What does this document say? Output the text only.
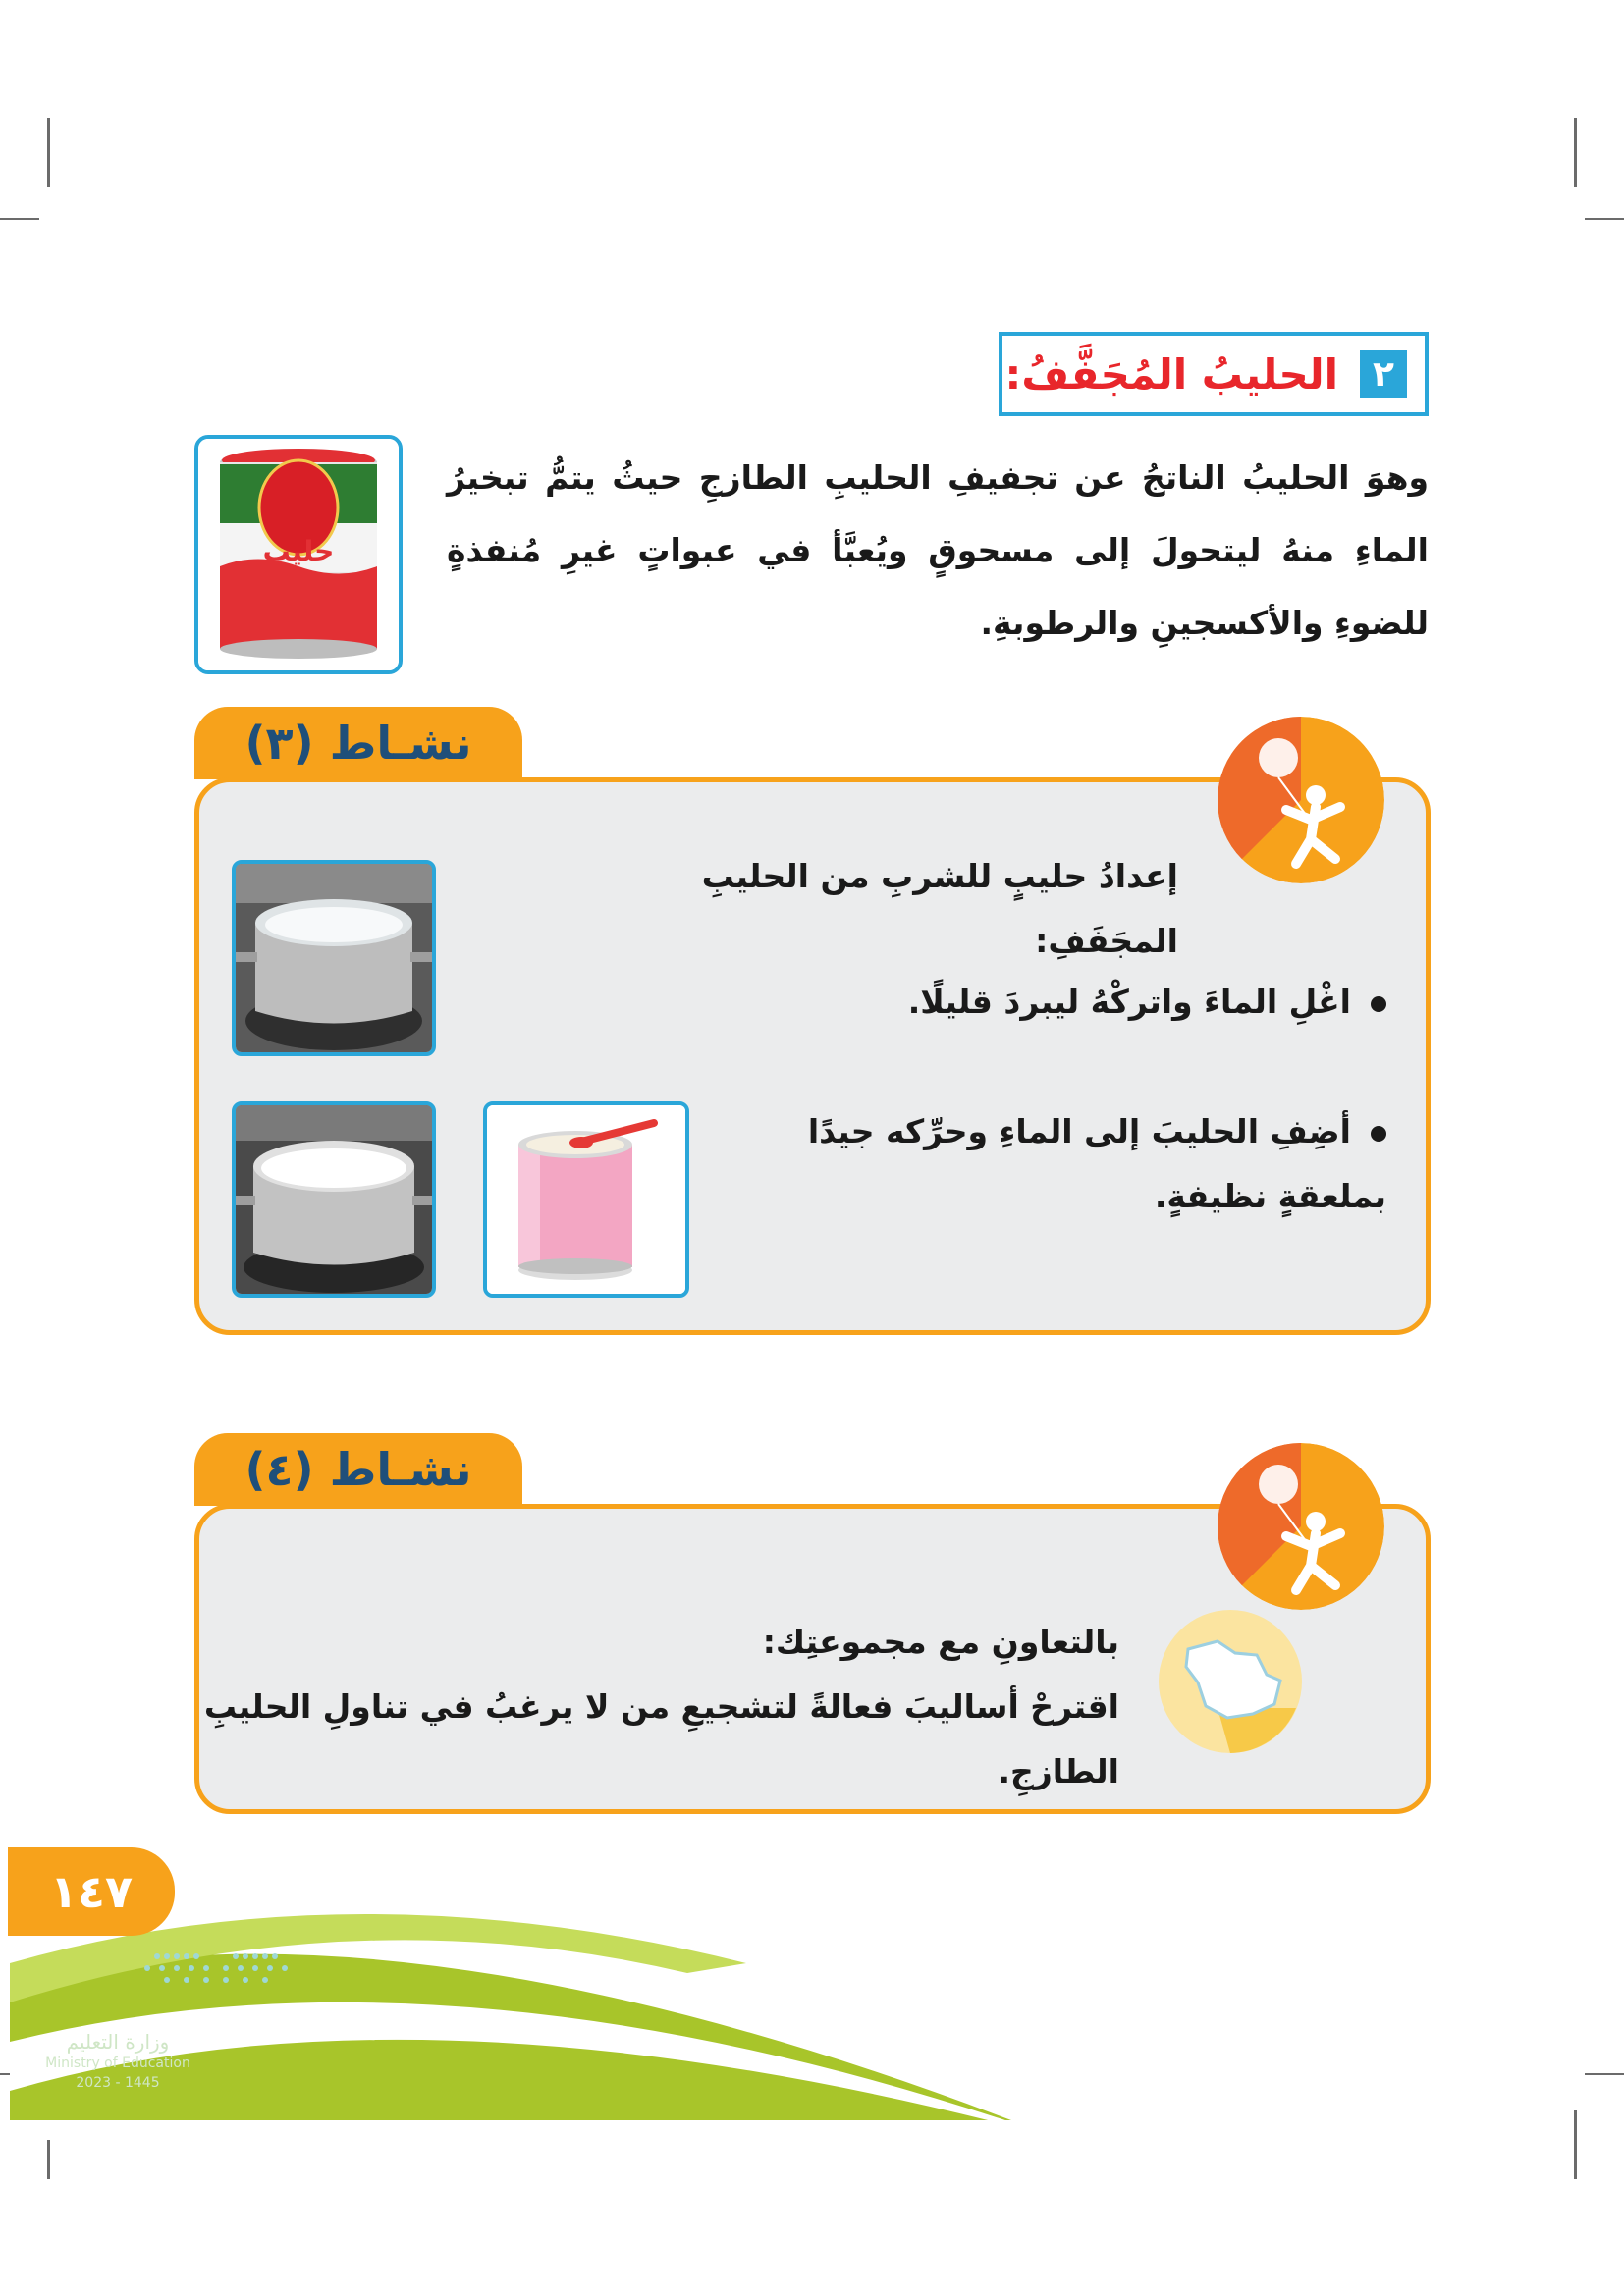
٢
الحليبُ المُجَفَّفُ:
وهوَ الحليبُ الناتجُ عن تجفيفِ الحليبِ الطازجِ حيثُ يتمُّ تبخيرُ الماءِ منهُ ليتحولَ إلى مسحوقٍ ويُعبَّأ في عبواتٍ غيرِ مُنفذةٍ للضوءِ والأكسجينِ والرطوبةِ.
حليب
نشـاط (٣)
إعدادُ حليبٍ للشربِ من الحليبِ المجَفَفِ:
اغْلِ الماءَ واتركْهُ ليبردَ قليلًا.
أضِفِ الحليبَ إلى الماءِ وحرِّكه جيدًا بملعقةٍ نظيفةٍ.
نشـاط (٤)
بالتعاونِ مع مجموعتِك:
اقترحْ أساليبَ فعالةً لتشجيعِ من لا يرغبُ في تناولِ الحليبِ الطازجِ.
١٤٧
وزارة التعليم
Ministry of Education
2023 - 1445
